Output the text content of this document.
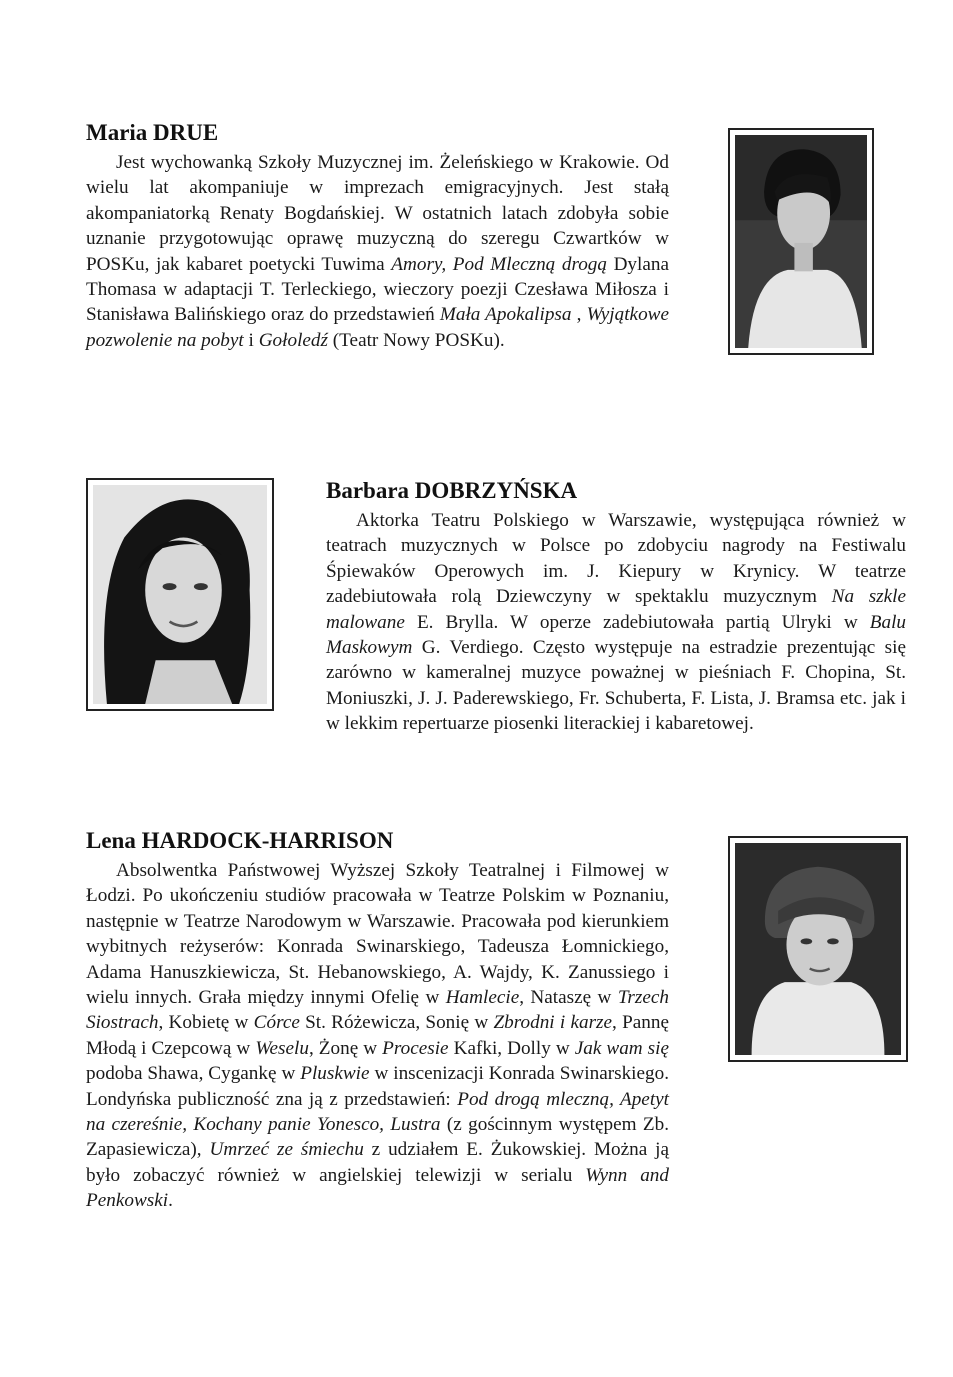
Maria DRUE

Jest wychowanką Szkoły Muzycznej im. Żeleńskiego w Krakowie. Od wielu lat akompaniuje w imprezach emigracyjnych. Jest stałą akompaniatorką Renaty Bogdańskiej. W ostatnich latach zdobyła sobie uznanie przygotowując oprawę muzyczną do szeregu Czwartków w POSKu, jak kabaret poetycki Tuwima Amory, Pod Mleczną drogą Dylana Thomasa w adaptacji T. Terleckiego, wieczory poezji Czesława Miłosza i Stanisława Balińskiego oraz do przedstawień Mała Apokalipsa , Wyjątkowe pozwolenie na pobyt i Gołoledź (Teatr Nowy POSKu).

Barbara DOBRZYŃSKA

Aktorka Teatru Polskiego w Warszawie, występująca również w teatrach muzycznych w Polsce po zdobyciu nagrody na Festiwalu Śpiewaków Operowych im. J. Kiepury w Krynicy. W teatrze zadebiutowała rolą Dziewczyny w spektaklu muzycznym Na szkle malowane E. Brylla. W operze zadebiutowała partią Ulryki w Balu Maskowym G. Verdiego. Często występuje na estradzie prezentując się zarówno w kameralnej muzyce poważnej w pieśniach F. Chopina, St. Moniuszki, J. J. Paderewskiego, Fr. Schuberta, F. Lista, J. Bramsa etc. jak i w lekkim repertuarze piosenki literackiej i kabaretowej.

Lena HARDOCK-HARRISON

Absolwentka Państwowej Wyższej Szkoły Teatralnej i Filmowej w Łodzi. Po ukończeniu studiów pracowała w Teatrze Polskim w Poznaniu, następnie w Teatrze Narodowym w Warszawie. Pracowała pod kierunkiem wybitnych reżyserów: Konrada Swinarskiego, Tadeusza Łomnickiego, Adama Hanuszkiewicza, St. Hebanowskiego, A. Wajdy, K. Zanussiego i wielu innych. Grała między innymi Ofelię w Hamlecie, Nataszę w Trzech Siostrach, Kobietę w Córce St. Różewicza, Sonię w Zbrodni i karze, Pannę Młodą i Czepcową w Weselu, Żonę w Procesie Kafki, Dolly w Jak wam się podoba Shawa, Cygankę w Pluskwie w inscenizacji Konrada Swinarskiego. Londyńska publiczność zna ją z przedstawień: Pod drogą mleczną, Apetyt na czereśnie, Kochany panie Yonesco, Lustra (z gościnnym występem Zb. Zapasiewicza), Umrzeć ze śmiechu z udziałem E. Żukowskiej. Można ją było zobaczyć również w angielskiej telewizji w serialu Wynn and Penkowski.
